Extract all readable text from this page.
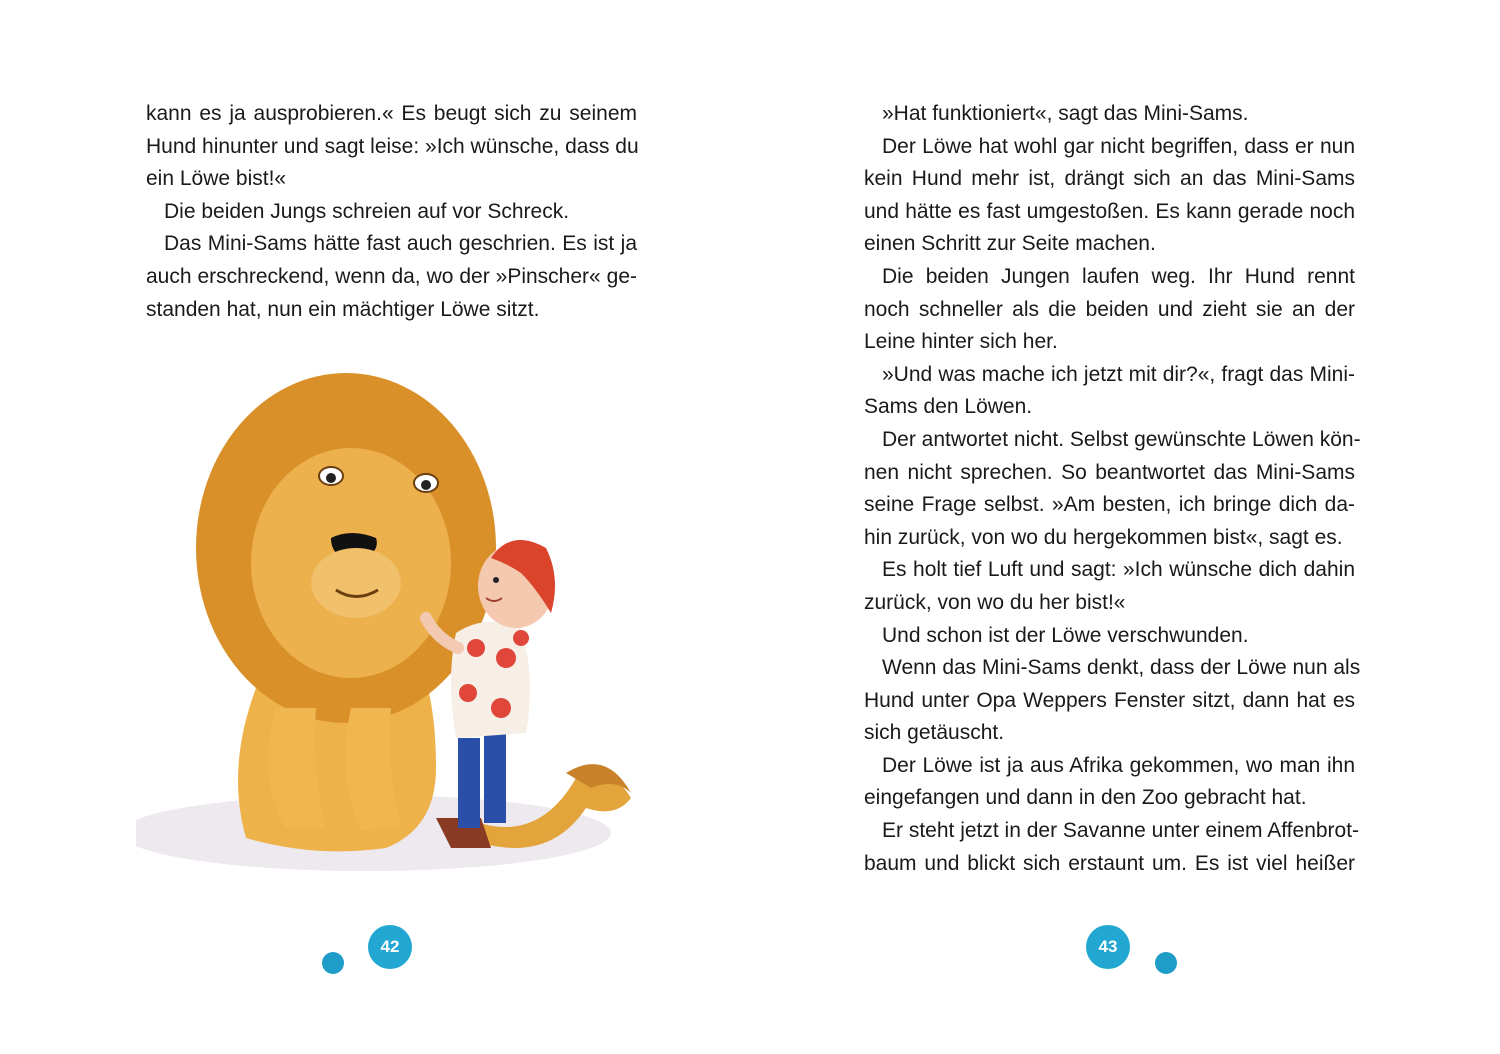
kann es ja ausprobieren.« Es beugt sich zu seinem
Hund hinunter und sagt leise: »Ich wünsche, dass du
ein Löwe bist!«
Die beiden Jungs schreien auf vor Schreck.
Das Mini-Sams hätte fast auch geschrien. Es ist ja
auch erschreckend, wenn da, wo der »Pinscher« ge-
standen hat, nun ein mächtiger Löwe sitzt.
42
»Hat funktioniert«, sagt das Mini-Sams.
Der Löwe hat wohl gar nicht begriffen, dass er nun
kein Hund mehr ist, drängt sich an das Mini-Sams
und hätte es fast umgestoßen. Es kann gerade noch
einen Schritt zur Seite machen.
Die beiden Jungen laufen weg. Ihr Hund rennt
noch schneller als die beiden und zieht sie an der
Leine hinter sich her.
»Und was mache ich jetzt mit dir?«, fragt das Mini-
Sams den Löwen.
Der antwortet nicht. Selbst gewünschte Löwen kön-
nen nicht sprechen. So beantwortet das Mini-Sams
seine Frage selbst. »Am besten, ich bringe dich da-
hin zurück, von wo du hergekommen bist«, sagt es.
Es holt tief Luft und sagt: »Ich wünsche dich dahin
zurück, von wo du her bist!«
Und schon ist der Löwe verschwunden.
Wenn das Mini-Sams denkt, dass der Löwe nun als
Hund unter Opa Weppers Fenster sitzt, dann hat es
sich getäuscht.
Der Löwe ist ja aus Afrika gekommen, wo man ihn
eingefangen und dann in den Zoo gebracht hat.
Er steht jetzt in der Savanne unter einem Affenbrot-
baum und blickt sich erstaunt um. Es ist viel heißer
43
